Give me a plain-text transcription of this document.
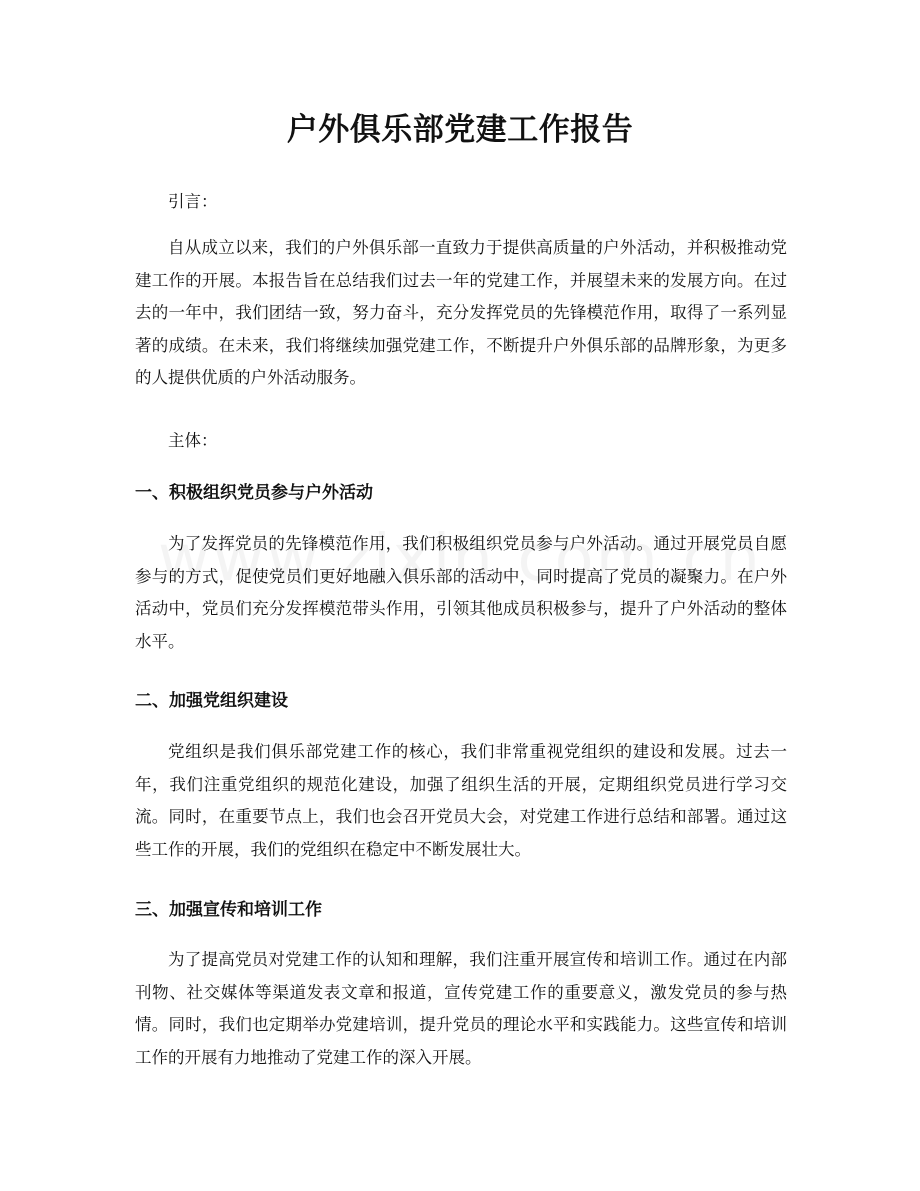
户外俱乐部党建工作报告
引言：
自从成立以来，我们的户外俱乐部一直致力于提供高质量的户外活动，并积极推动党建工作的开展。本报告旨在总结我们过去一年的党建工作，并展望未来的发展方向。在过去的一年中，我们团结一致，努力奋斗，充分发挥党员的先锋模范作用，取得了一系列显著的成绩。在未来，我们将继续加强党建工作，不断提升户外俱乐部的品牌形象，为更多的人提供优质的户外活动服务。
主体：
一、积极组织党员参与户外活动
为了发挥党员的先锋模范作用，我们积极组织党员参与户外活动。通过开展党员自愿参与的方式，促使党员们更好地融入俱乐部的活动中，同时提高了党员的凝聚力。在户外活动中，党员们充分发挥模范带头作用，引领其他成员积极参与，提升了户外活动的整体水平。
二、加强党组织建设
党组织是我们俱乐部党建工作的核心，我们非常重视党组织的建设和发展。过去一年，我们注重党组织的规范化建设，加强了组织生活的开展，定期组织党员进行学习交流。同时，在重要节点上，我们也会召开党员大会，对党建工作进行总结和部署。通过这些工作的开展，我们的党组织在稳定中不断发展壮大。
三、加强宣传和培训工作
为了提高党员对党建工作的认知和理解，我们注重开展宣传和培训工作。通过在内部刊物、社交媒体等渠道发表文章和报道，宣传党建工作的重要意义，激发党员的参与热情。同时，我们也定期举办党建培训，提升党员的理论水平和实践能力。这些宣传和培训工作的开展有力地推动了党建工作的深入开展。
